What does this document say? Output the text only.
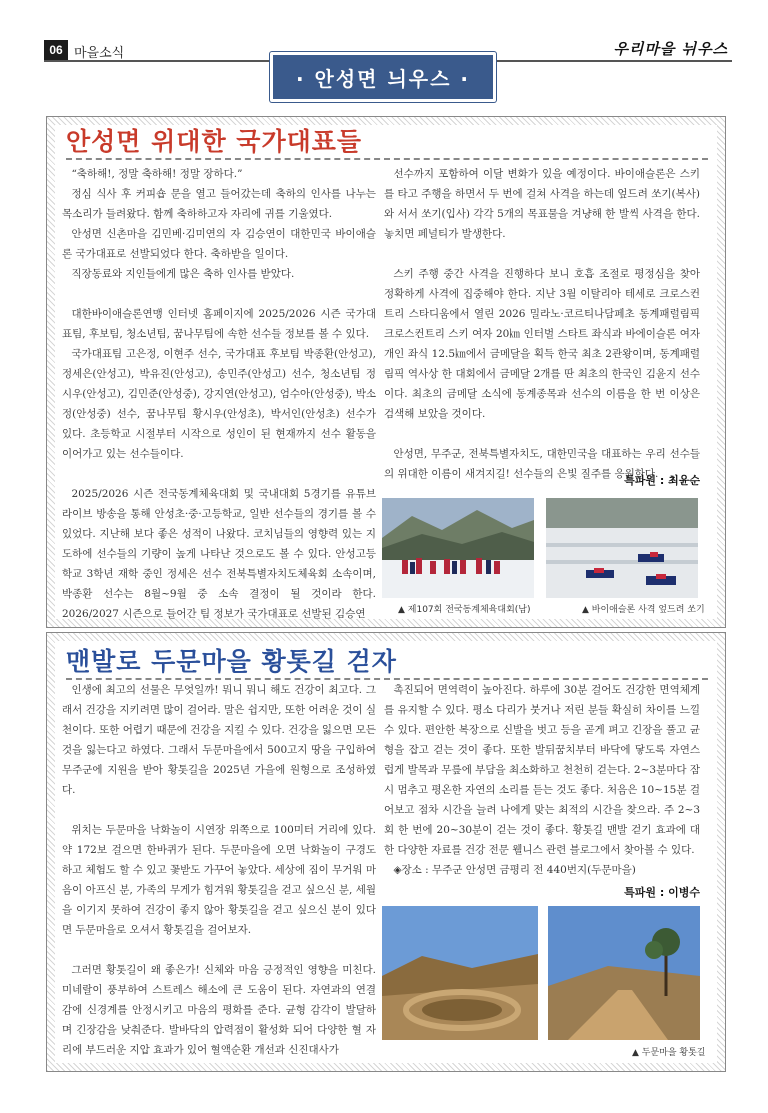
06 마을소식	우리마을 뉘우스
· 안성면 늬우스 ·
안성면 위대한 국가대표들

“축하해!, 정말 축하해! 정말 장하다.”

정심 식사 후 커피숍 문을 열고 들어갔는데 축하의 인사를 나누는 목소리가 들려왔다. 함께 축하하고자 자리에 귀를 기울였다.

안성면 신촌마을 김민베·김미연의 자 김승연이 대한민국 바이애슬론 국가대표로 선발되었다 한다. 축하받을 일이다.

직장동료와 지인들에게 많은 축하 인사를 받았다.

대한바이애슬론연맹 인터넷 홈페이지에 2025/2026 시즌 국가대표팀, 후보팀, 청소년팀, 꿈나무팀에 속한 선수들 정보를 볼 수 있다.

국가대표팀 고은정, 이현주 선수, 국가대표 후보팀 박종환(안성고), 정세은(안성고), 박유진(안성고), 송민주(안성고) 선수, 청소년팀 정시우(안성고), 김민준(안성중), 강지연(안성고), 엄수아(안성중), 박소정(안성중) 선수, 꿈나무팀 황시우(안성초), 박서인(안성초) 선수가 있다. 초등학교 시절부터 시작으로 성인이 된 현재까지 선수 활동을 이어가고 있는 선수들이다.

2025/2026 시즌 전국동계체육대회 및 국내대회 5경기를 유튜브 라이브 방송을 통해 안성초·중·고등학교, 일반 선수들의 경기를 볼 수 있었다. 지난해 보다 좋은 성적이 나왔다. 코치님들의 영향력 있는 지도하에 선수들의 기량이 높게 나타난 것으로도 볼 수 있다. 안성고등학교 3학년 재학 중인 정세은 선수 전북특별자치도체육회 소속이며, 박종환 선수는 8월~9월 중 소속 결정이 될 것이라 한다. 2026/2027 시즌으로 들어간 팀 정보가 국가대표로 선발된 김승연

선수까지 포함하여 이달 변화가 있을 예정이다. 바이애슬론은 스키를 타고 주행을 하면서 두 번에 걸쳐 사격을 하는데 엎드려 쏘기(복사)와 서서 쏘기(입사) 각각 5개의 목표물을 겨냥해 한 발씩 사격을 한다. 놓치면 페널티가 발생한다.

스키 주행 중간 사격을 진행하다 보니 호흡 조절로 평정심을 찾아 정확하게 사격에 집중해야 한다. 지난 3월 이탈리아 테세로 크로스컨트리 스타디움에서 열린 2026 밀라노·코르티나담페초 동계패럴림픽 크로스컨트리 스키 여자 20㎞ 인터벌 스타트 좌식과 바에이슬론 여자 개인 좌식 12.5㎞에서 금메달을 획득 한국 최초 2관왕이며, 동계패럴림픽 역사상 한 대회에서 금메달 2개를 딴 최초의 한국인 김윤지 선수이다. 최초의 금메달 소식에 동계종목과 선수의 이름을 한 번 이상은 검색해 보았을 것이다.

안성면, 무주군, 전북특별자치도, 대한민국을 대표하는 우리 선수들의 위대한 이름이 새겨지길! 선수들의 은빛 질주를 응원한다.

특파원 : 최윤순
▲ 제107회 전국동계체육대회(남)	▲ 바이애슬론 사격 엎드려 쏘기
맨발로 두문마을 황톳길 걷자

인생에 최고의 선물은 무엇일까! 뭐니 뭐니 해도 건강이 최고다. 그래서 건강을 지키려면 많이 걸어라. 말은 쉽지만, 또한 어려운 것이 실천이다. 또한 어렵기 때문에 건강을 지킬 수 있다. 건강을 잃으면 모든 것을 잃는다고 하였다. 그래서 두문마을에서 500고지 땅을 구입하여 무주군에 지원을 받아 황톳길을 2025년 가을에 원형으로 조성하였다.

위치는 두문마을 낙화놀이 시연장 위쪽으로 100미터 거리에 있다. 약 172보 걸으면 한바퀴가 된다. 두문마을에 오면 낙화놀이 구경도 하고 체험도 할 수 있고 꽃받도 가꾸어 놓았다. 세상에 짐이 무거워 마음이 아프신 분, 가족의 무게가 힘겨워 황톳길을 걷고 싶으신 분, 세월을 이기지 못하여 건강이 좋지 않아 황톳길을 걷고 싶으신 분이 있다면 두문마을로 오셔서 황톳길을 걸어보자.

그러면 황톳길이 왜 좋은가! 신체와 마음 긍정적인 영향을 미친다. 미네랄이 풍부하여 스트레스 해소에 큰 도움이 된다. 자연과의 연결감에 신경계를 안정시키고 마음의 평화를 준다. 균형 감각이 발달하며 긴장감을 낮춰준다. 발바닥의 압력점이 활성화 되어 다양한 혈 자리에 부드러운 지압 효과가 있어 혈액순환 개선과 신진대사가

촉진되어 면역력이 높아진다. 하루에 30분 걸어도 건강한 면역체계를 유지할 수 있다. 평소 다리가 붓거나 저린 분들 확실히 차이를 느낄 수 있다. 편안한 복장으로 신발을 벗고 등을 곧게 펴고 긴장을 풀고 균형을 잡고 걷는 것이 좋다. 또한 발뒤꿈치부터 바닥에 닿도록 자연스럽게 발목과 무릎에 부담을 최소화하고 천천히 걷는다. 2~3분마다 잠시 멈추고 평온한 자연의 소리를 듣는 것도 좋다. 처음은 10~15분 걸어보고 점차 시간을 늘려 나에게 맞는 최적의 시간을 찾으라. 주 2~3회 한 번에 20~30분이 걷는 것이 좋다. 황톳길 맨발 걷기 효과에 대한 다양한 자료를 건강 전문 웰니스 관련 블로그에서 찾아볼 수 있다.

◈장소 : 무주군 안성면 금평리 전 440번지(두문마을)

특파원 : 이병수
▲ 두문마을 황톳길
